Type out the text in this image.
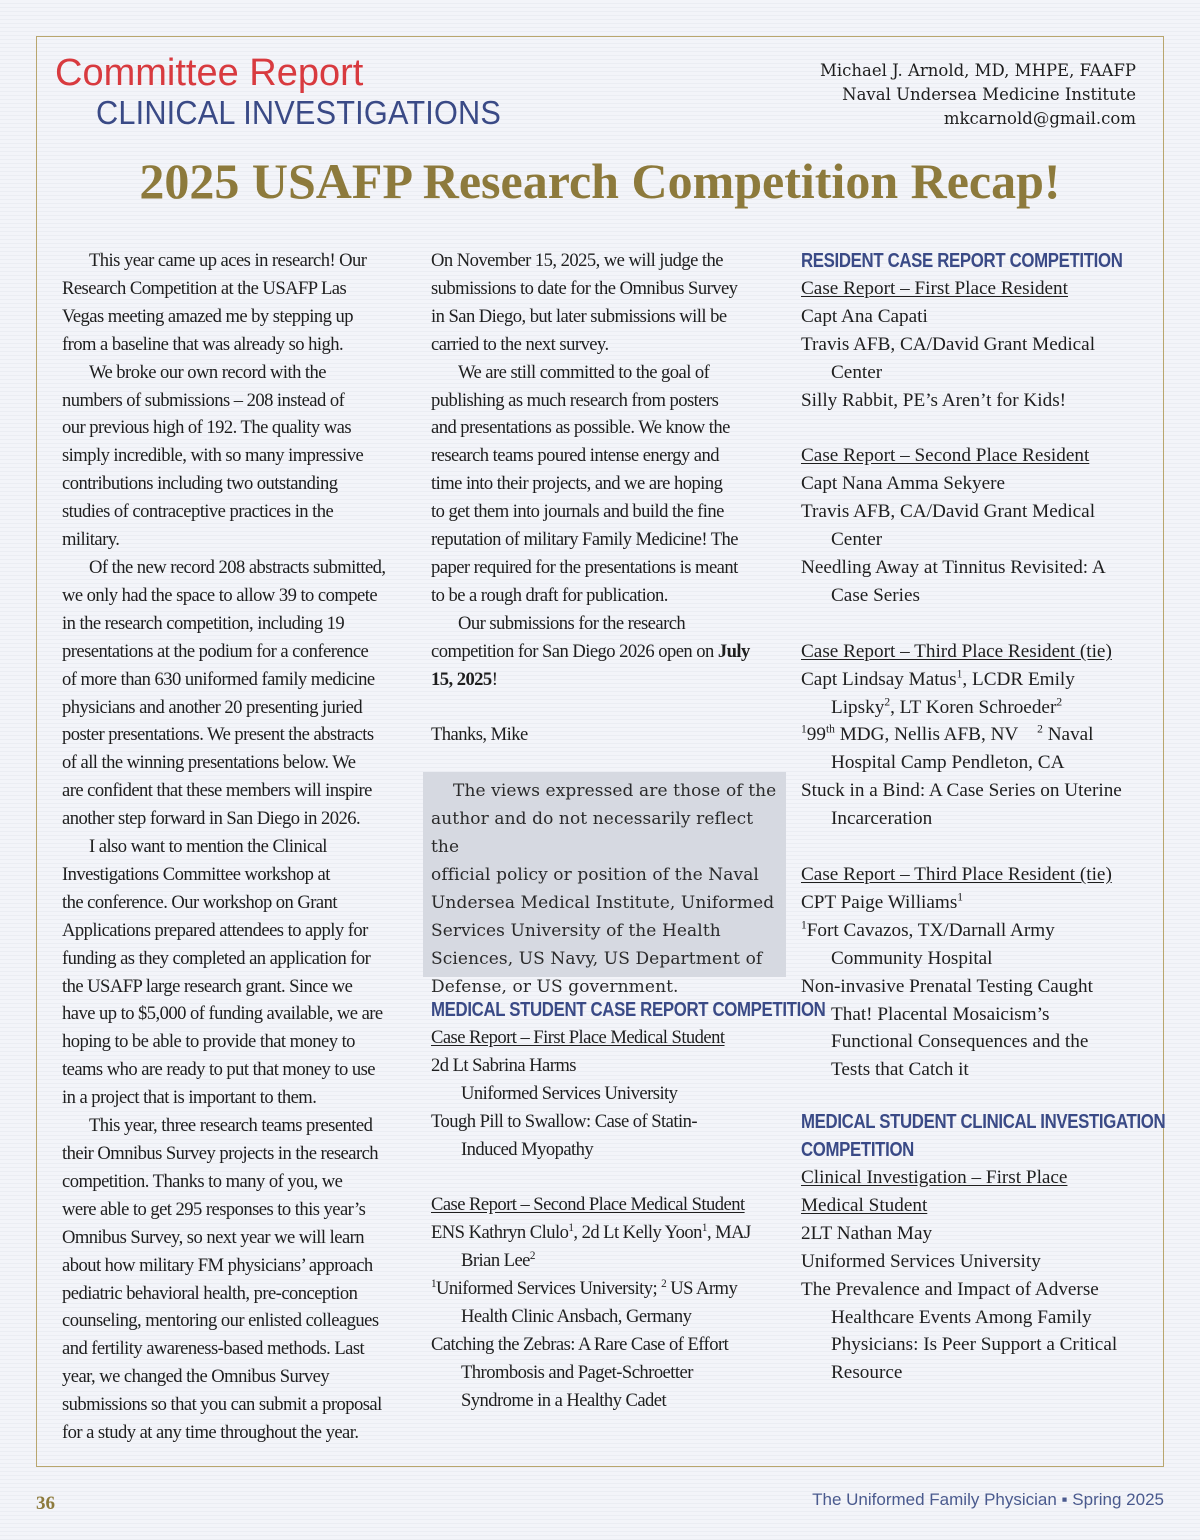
Committee Report
CLINICAL INVESTIGATIONS
Michael J. Arnold, MD, MHPE, FAAFP
Naval Undersea Medicine Institute
mkcarnold@gmail.com
2025 USAFP Research Competition Recap!

This year came up aces in research! Our

Research Competition at the USAFP Las

Vegas meeting amazed me by stepping up

from a baseline that was already so high.

We broke our own record with the

numbers of submissions – 208 instead of

our previous high of 192. The quality was

simply incredible, with so many impressive

contributions including two outstanding

studies of contraceptive practices in the

military.

Of the new record 208 abstracts submitted,

we only had the space to allow 39 to compete

in the research competition, including 19

presentations at the podium for a conference

of more than 630 uniformed family medicine

physicians and another 20 presenting juried

poster presentations. We present the abstracts

of all the winning presentations below. We

are confident that these members will inspire

another step forward in San Diego in 2026.

I also want to mention the Clinical

Investigations Committee workshop at

the conference. Our workshop on Grant

Applications prepared attendees to apply for

funding as they completed an application for

the USAFP large research grant. Since we

have up to $5,000 of funding available, we are

hoping to be able to provide that money to

teams who are ready to put that money to use

in a project that is important to them.

This year, three research teams presented

their Omnibus Survey projects in the research

competition. Thanks to many of you, we

were able to get 295 responses to this year’s

Omnibus Survey, so next year we will learn

about how military FM physicians’ approach

pediatric behavioral health, pre-conception

counseling, mentoring our enlisted colleagues

and fertility awareness-based methods. Last

year, we changed the Omnibus Survey

submissions so that you can submit a proposal

for a study at any time throughout the year.

On November 15, 2025, we will judge the

submissions to date for the Omnibus Survey

in San Diego, but later submissions will be

carried to the next survey.

We are still committed to the goal of

publishing as much research from posters

and presentations as possible. We know the

research teams poured intense energy and

time into their projects, and we are hoping

to get them into journals and build the fine

reputation of military Family Medicine! The

paper required for the presentations is meant

to be a rough draft for publication.

Our submissions for the research

competition for San Diego 2026 open on July

15, 2025!

Thanks, Mike

The views expressed are those of the
author and do not necessarily reflect the
official policy or position of the Naval
Undersea Medical Institute, Uniformed
Services University of the Health
Sciences, US Navy, US Department of
Defense, or US government.
MEDICAL STUDENT CASE REPORT COMPETITION

Case Report – First Place Medical Student

2d Lt Sabrina Harms

Uniformed Services University

Tough Pill to Swallow: Case of Statin-

Induced Myopathy

Case Report – Second Place Medical Student

ENS Kathryn Clulo$^1$, 2d Lt Kelly Yoon$^1$, MAJ

Brian Lee$^2$

$^1$Uniformed Services University; $^2$ US Army

Health Clinic Ansbach, Germany

Catching the Zebras: A Rare Case of Effort

Thrombosis and Paget-Schroetter

Syndrome in a Healthy Cadet

RESIDENT CASE REPORT COMPETITION

Case Report – First Place Resident

Capt Ana Capati

Travis AFB, CA/David Grant Medical

Center

Silly Rabbit, PE’s Aren’t for Kids!

Case Report – Second Place Resident

Capt Nana Amma Sekyere

Travis AFB, CA/David Grant Medical

Center

Needling Away at Tinnitus Revisited: A

Case Series

Case Report – Third Place Resident (tie)

Capt Lindsay Matus$^1$, LCDR Emily

Lipsky$^2$, LT Koren Schroeder$^2$

$^1$99th MDG, Nellis AFB, NV    $^2$ Naval

Hospital Camp Pendleton, CA

Stuck in a Bind: A Case Series on Uterine

Incarceration

Case Report – Third Place Resident (tie)

CPT Paige Williams$^1$

$^1$Fort Cavazos, TX/Darnall Army

Community Hospital

Non-invasive Prenatal Testing Caught

That! Placental Mosaicism’s

Functional Consequences and the

Tests that Catch it

MEDICAL STUDENT CLINICAL INVESTIGATION
COMPETITION

Clinical Investigation – First Place

Medical Student

2LT Nathan May

Uniformed Services University

The Prevalence and Impact of Adverse

Healthcare Events Among Family

Physicians: Is Peer Support a Critical

Resource

36	The Uniformed Family Physician ▪ Spring 2025
